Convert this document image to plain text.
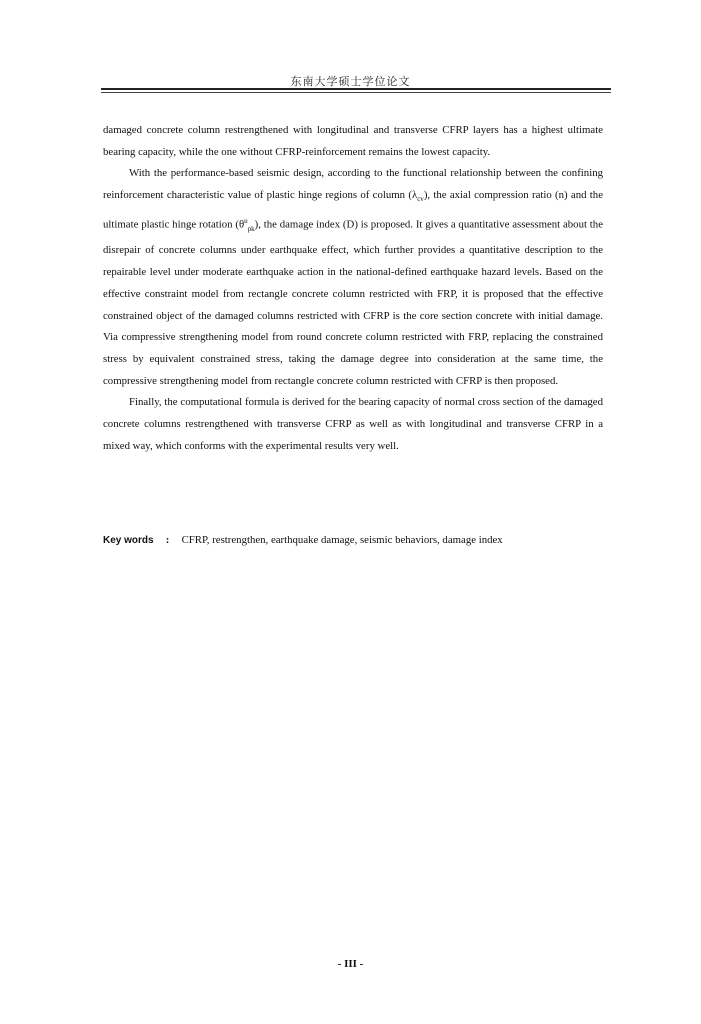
东南大学硕士学位论文

damaged concrete column restrengthened with longitudinal and transverse CFRP layers has a highest ultimate bearing capacity, while the one without CFRP-reinforcement remains the lowest capacity.

With the performance-based seismic design, according to the functional relationship between the confining reinforcement characteristic value of plastic hinge regions of column $(\lambda_{cv})$, the axial compression ratio (n) and the ultimate plastic hinge rotation $(\theta^u_{pk})$, the damage index (D) is proposed. It gives a quantitative assessment about the disrepair of concrete columns under earthquake effect, which further provides a quantitative description to the repairable level under moderate earthquake action in the national-defined earthquake hazard levels. Based on the effective constraint model from rectangle concrete column restricted with FRP, it is proposed that the effective constrained object of the damaged columns restricted with CFRP is the core section concrete with initial damage. Via compressive strengthening model from round concrete column restricted with FRP, replacing the constrained stress by equivalent constrained stress, taking the damage degree into consideration at the same time, the compressive strengthening model from rectangle concrete column restricted with CFRP is then proposed.

Finally, the computational formula is derived for the bearing capacity of normal cross section of the damaged concrete columns restrengthened with transverse CFRP as well as with longitudinal and transverse CFRP in a mixed way, which conforms with the experimental results very well.

Key words : CFRP, restrengthen, earthquake damage, seismic behaviors, damage index
- III -
